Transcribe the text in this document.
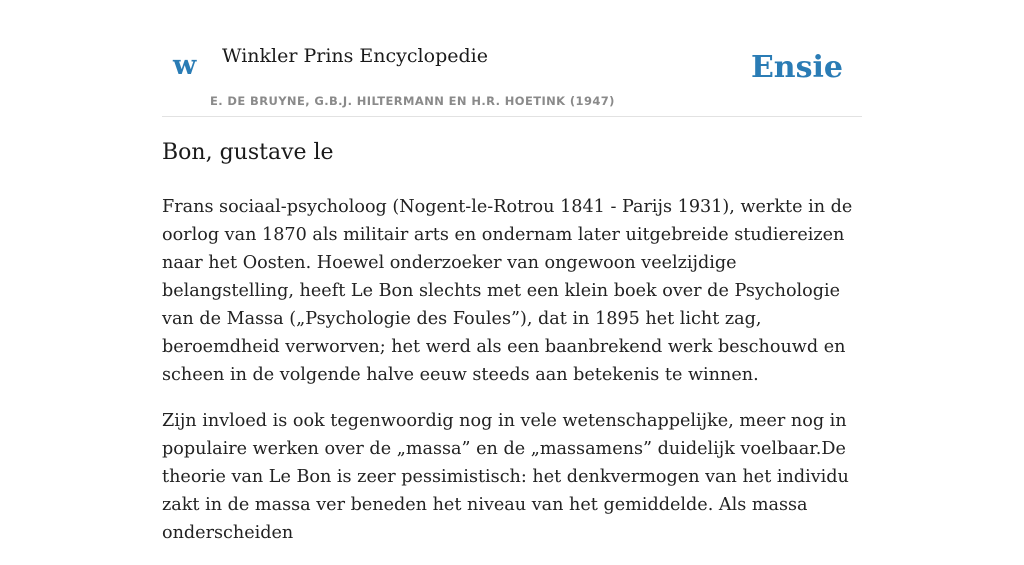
w Winkler Prins Encyclopedie
E. DE BRUYNE, G.B.J. HILTERMANN EN H.R. HOETINK (1947)
Ensie
Bon, gustave le

Frans sociaal-psycholoog (Nogent-le-Rotrou 1841 - Parijs 1931), werkte in de oorlog van 1870 als militair arts en ondernam later uitgebreide studiereizen naar het Oosten. Hoewel onderzoeker van ongewoon veelzijdige belangstelling, heeft Le Bon slechts met een klein boek over de Psychologie van de Massa („Psychologie des Foules”), dat in 1895 het licht zag, beroemdheid verworven; het werd als een baanbrekend werk beschouwd en scheen in de volgende halve eeuw steeds aan betekenis te winnen.

Zijn invloed is ook tegenwoordig nog in vele wetenschappelijke, meer nog in populaire werken over de „massa” en de „massamens” duidelijk voelbaar.De theorie van Le Bon is zeer pessimistisch: het denkvermogen van het individu zakt in de massa ver beneden het niveau van het gemiddelde. Als massa onderscheiden
